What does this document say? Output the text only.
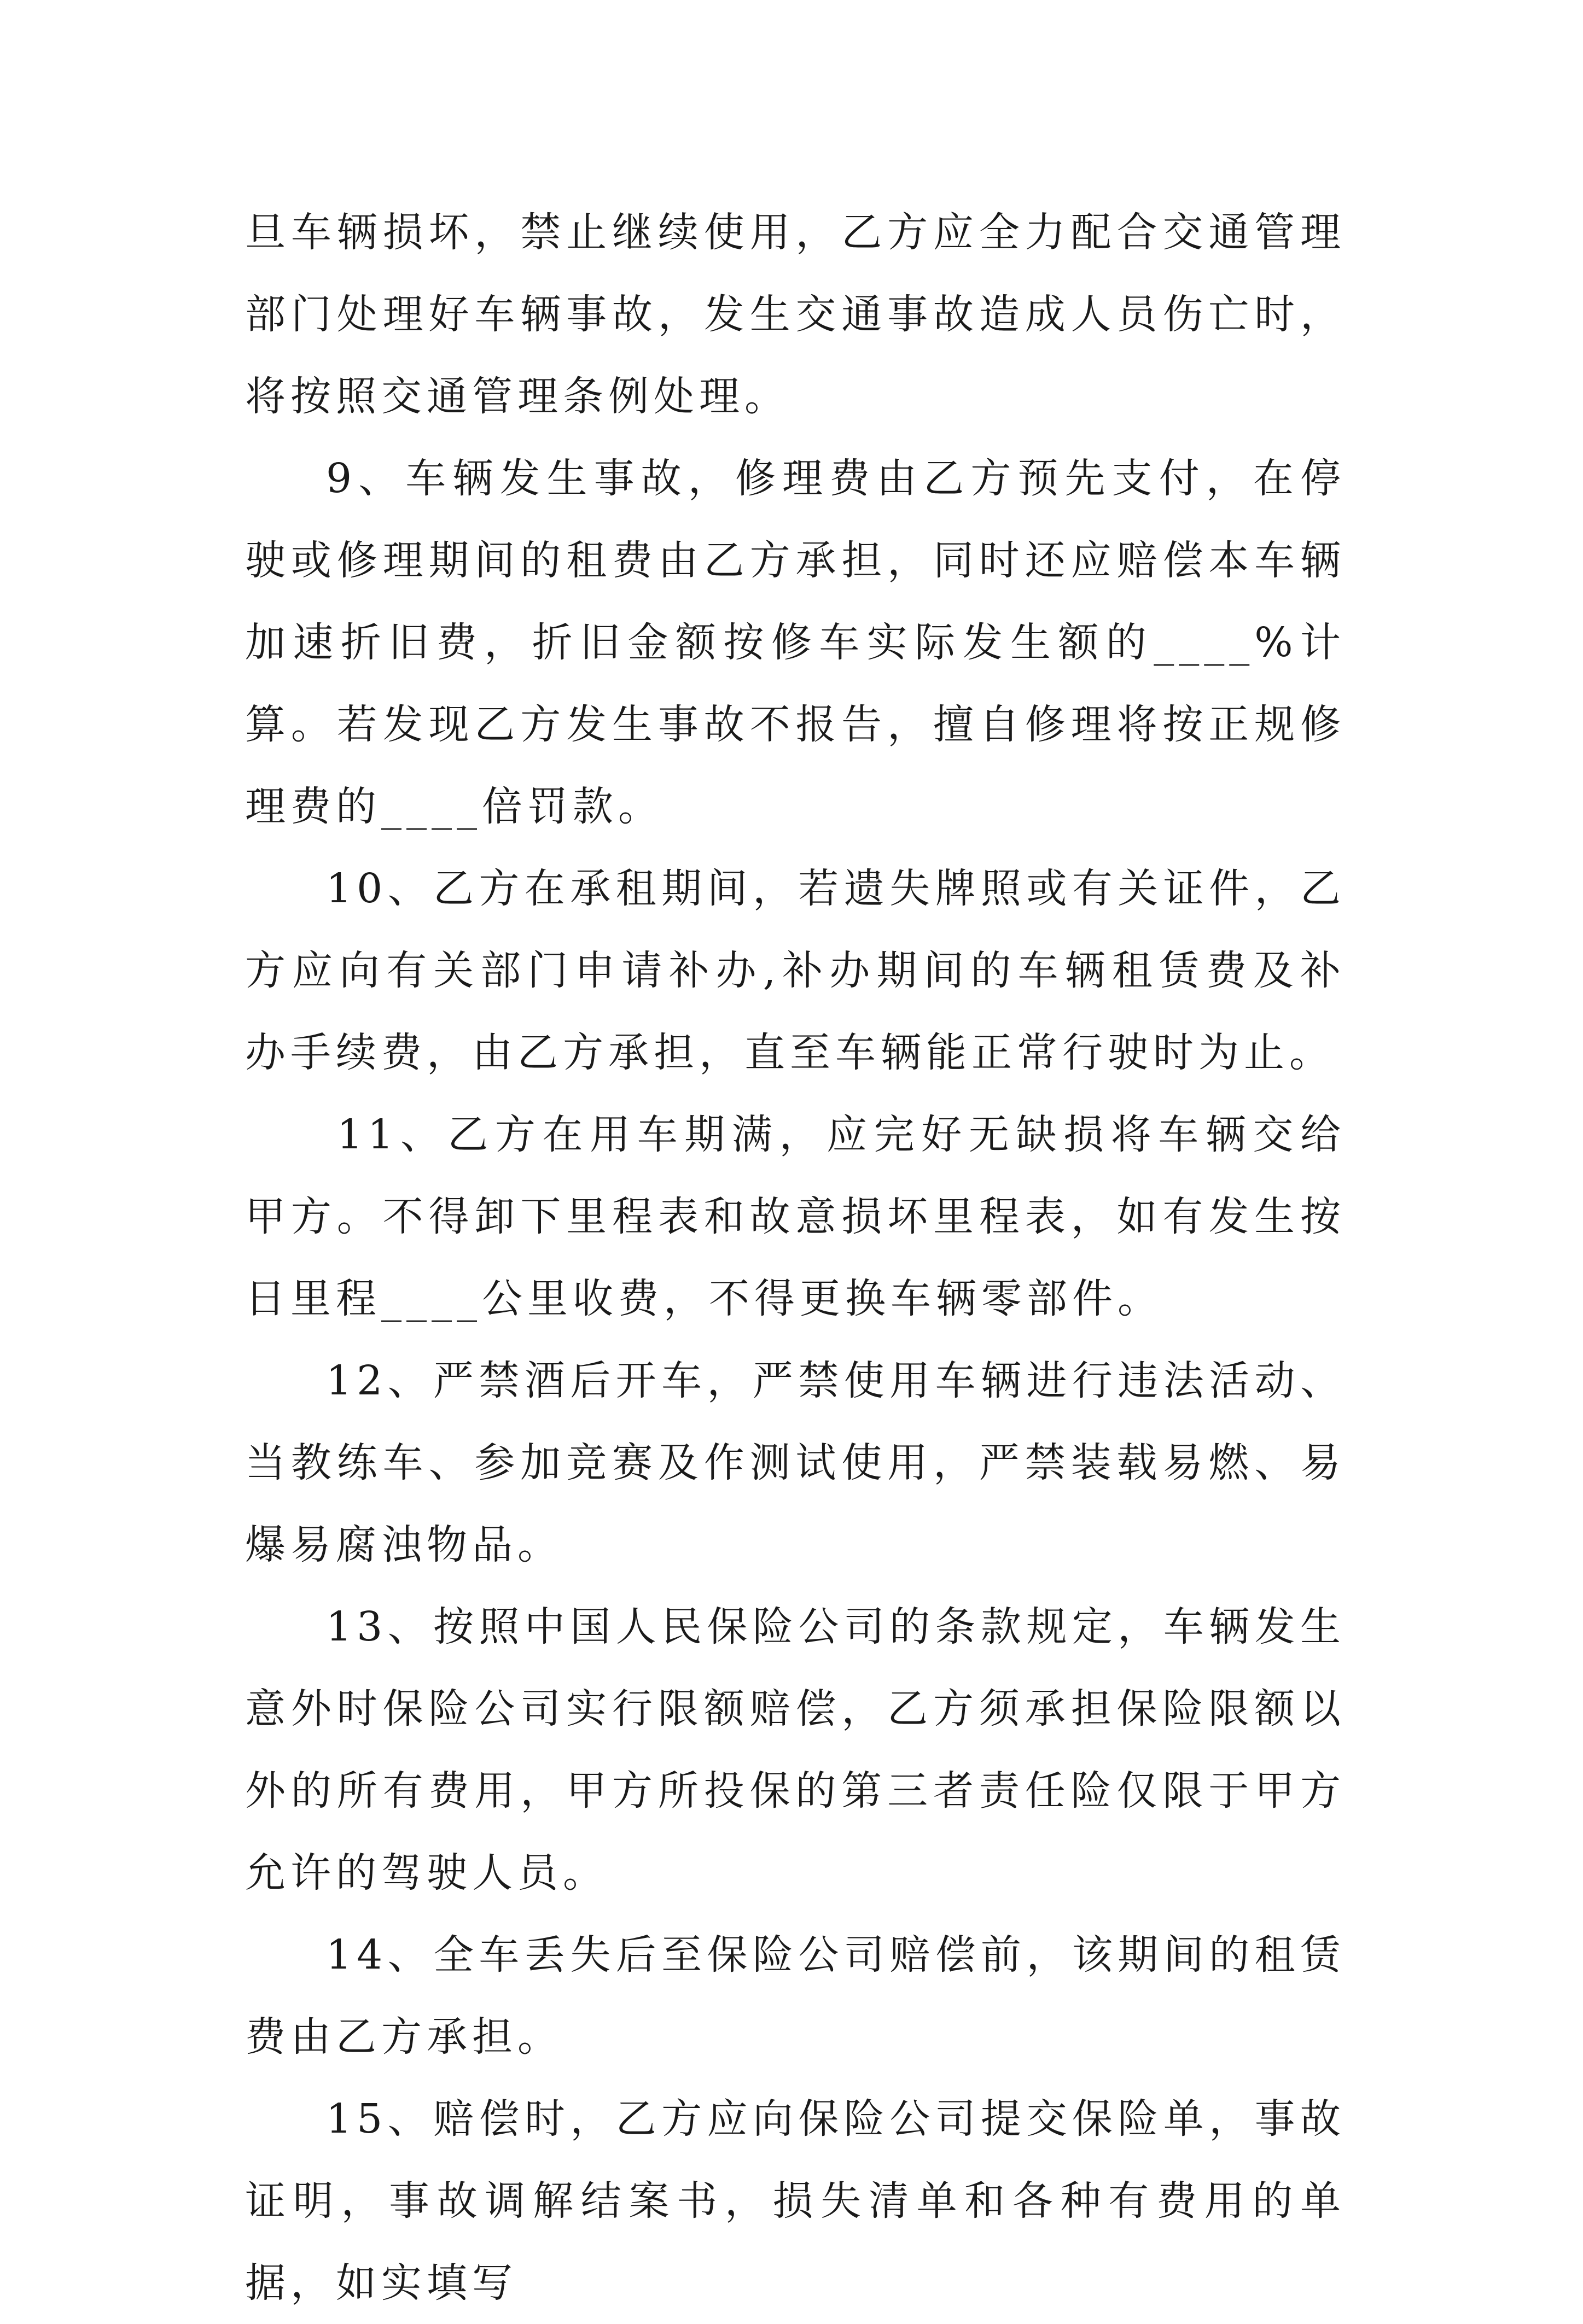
旦车辆损坏，禁止继续使用，乙方应全力配合交通管理部门处理好车辆事故，发生交通事故造成人员伤亡时，将按照交通管理条例处理。

9、车辆发生事故，修理费由乙方预先支付，在停驶或修理期间的租费由乙方承担，同时还应赔偿本车辆加速折旧费，折旧金额按修车实际发生额的____%计算。若发现乙方发生事故不报告，擅自修理将按正规修理费的____倍罚款。

10、乙方在承租期间，若遗失牌照或有关证件，乙方应向有关部门申请补办,补办期间的车辆租赁费及补办手续费，由乙方承担，直至车辆能正常行驶时为止。

11、乙方在用车期满，应完好无缺损将车辆交给甲方。不得卸下里程表和故意损坏里程表，如有发生按日里程____公里收费，不得更换车辆零部件。

12、严禁酒后开车，严禁使用车辆进行违法活动、当教练车、参加竞赛及作测试使用，严禁装载易燃、易爆易腐浊物品。

13、按照中国人民保险公司的条款规定，车辆发生意外时保险公司实行限额赔偿，乙方须承担保险限额以外的所有费用，甲方所投保的第三者责任险仅限于甲方允许的驾驶人员。

14、全车丢失后至保险公司赔偿前，该期间的租赁费由乙方承担。

15、赔偿时，乙方应向保险公司提交保险单，事故证明，事故调解结案书，损失清单和各种有费用的单据，如实填写
